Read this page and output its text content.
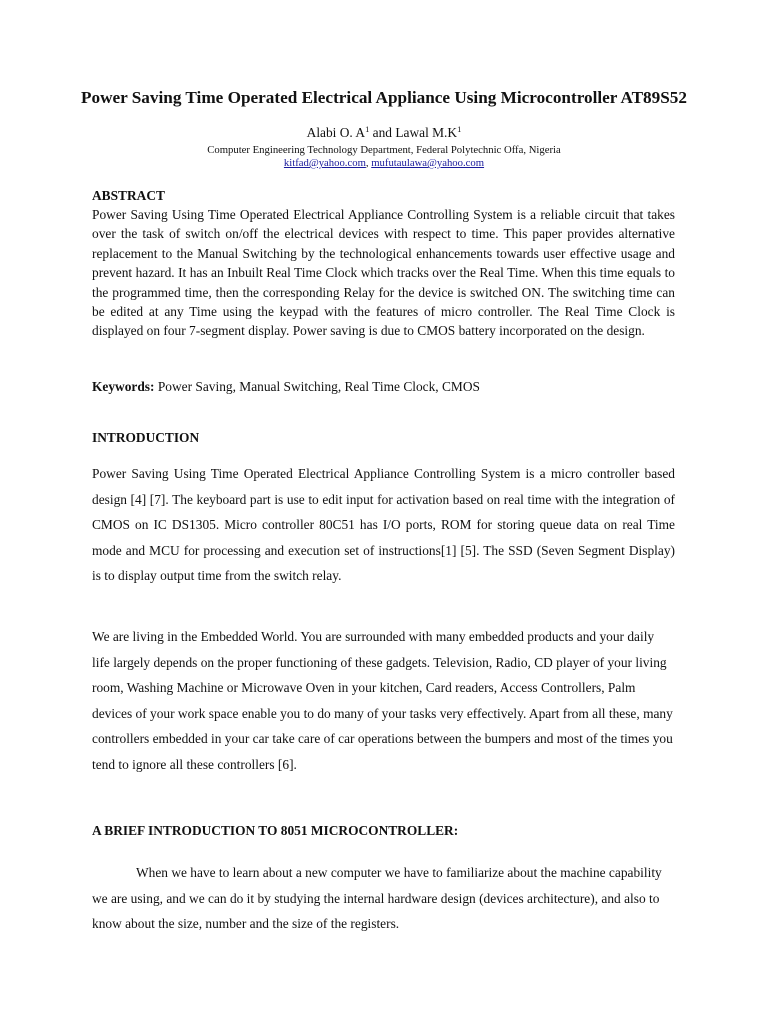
Power Saving Time Operated Electrical Appliance Using Microcontroller AT89S52
Alabi O. $A^1$ and Lawal $M.K^1$
Computer Engineering Technology Department, Federal Polytechnic Offa, Nigeria
kitfad@yahoo.com, mufutaulawa@yahoo.com
ABSTRACT

Power Saving Using Time Operated Electrical Appliance Controlling System is a reliable circuit that takes over the task of switch on/off the electrical devices with respect to time. This paper provides alternative replacement to the Manual Switching by the technological enhancements towards user effective usage and prevent hazard. It has an Inbuilt Real Time Clock which tracks over the Real Time. When this time equals to the programmed time, then the corresponding Relay for the device is switched ON. The switching time can be edited at any Time using the keypad with the features of micro controller. The Real Time Clock is displayed on four 7-segment display. Power saving is due to CMOS battery incorporated on the design.

Keywords: Power Saving, Manual Switching, Real Time Clock, CMOS

INTRODUCTION

Power Saving Using Time Operated Electrical Appliance Controlling System is a micro controller based design [4] [7]. The keyboard part is use to edit input for activation based on real time with the integration of CMOS on IC DS1305. Micro controller 80C51 has I/O ports, ROM for storing queue data on real Time mode and MCU for processing and execution set of instructions[1] [5]. The SSD (Seven Segment Display) is to display output time from the switch relay.

We are living in the Embedded World. You are surrounded with many embedded products and your daily life largely depends on the proper functioning of these gadgets. Television, Radio, CD player of your living room, Washing Machine or Microwave Oven in your kitchen, Card readers, Access Controllers, Palm devices of your work space enable you to do many of your tasks very effectively. Apart from all these, many controllers embedded in your car take care of car operations between the bumpers and most of the times you tend to ignore all these controllers [6].

A BRIEF INTRODUCTION TO 8051 MICROCONTROLLER:

When we have to learn about a new computer we have to familiarize about the machine capability we are using, and we can do it by studying the internal hardware design (devices architecture), and also to know about the size, number and the size of the registers.
